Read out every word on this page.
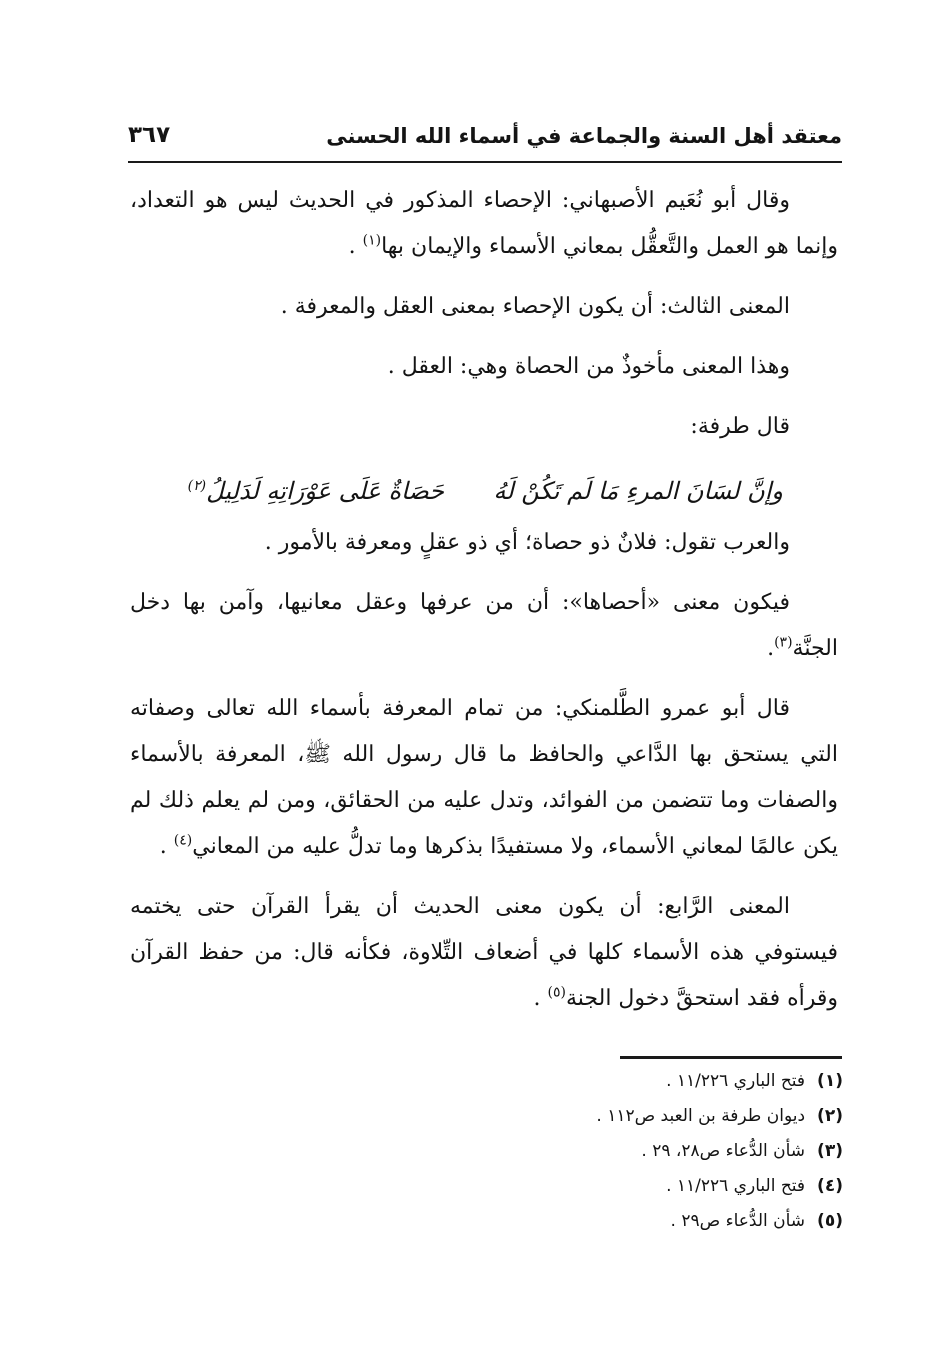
معتقد أهل السنة والجماعة في أسماء الله الحسنى
٣٦٧

وقال أبو نُعَيم الأصبهاني: الإحصاء المذكور في الحديث ليس هو التعداد، وإنما هو العمل والتَّعقُّل بمعاني الأسماء والإيمان بها$^{(١)}$ .

المعنى الثالث: أن يكون الإحصاء بمعنى العقل والمعرفة .

وهذا المعنى مأخوذٌ من الحصاة وهي: العقل .

قال طرفة:

وإنَّ لسَانَ المرءِ مَا لَم تَكُنْ لَهُ
حَصَاةٌ عَلَى عَوْرَاتِهِ لَدَلِيلُ$^{(٢)}$

والعرب تقول: فلانٌ ذو حصاة؛ أي ذو عقلٍ ومعرفة بالأمور .

فيكون معنى «أحصاها»: أن من عرفها وعقل معانيها، وآمن بها دخل الجنَّة$^{(٣)}$.

قال أبو عمرو الطَّلمنكي: من تمام المعرفة بأسماء الله تعالى وصفاته التي يستحق بها الدَّاعي والحافظ ما قال رسول الله ﷺ، المعرفة بالأسماء والصفات وما تتضمن من الفوائد، وتدل عليه من الحقائق، ومن لم يعلم ذلك لم يكن عالمًا لمعاني الأسماء، ولا مستفيدًا بذكرها وما تدلُّ عليه من المعاني$^{(٤)}$ .

المعنى الرَّابع: أن يكون معنى الحديث أن يقرأ القرآن حتى يختمه فيستوفي هذه الأسماء كلها في أضعاف التِّلاوة، فكأنه قال: من حفظ القرآن وقرأه فقد استحقَّ دخول الجنة$^{(٥)}$ .

(١)فتح الباري ١١/٢٢٦ .
(٢)ديوان طرفة بن العبد ص١١٢ .
(٣)شأن الدُّعاء ص٢٨، ٢٩ .
(٤)فتح الباري ١١/٢٢٦ .
(٥)شأن الدُّعاء ص٢٩ .
